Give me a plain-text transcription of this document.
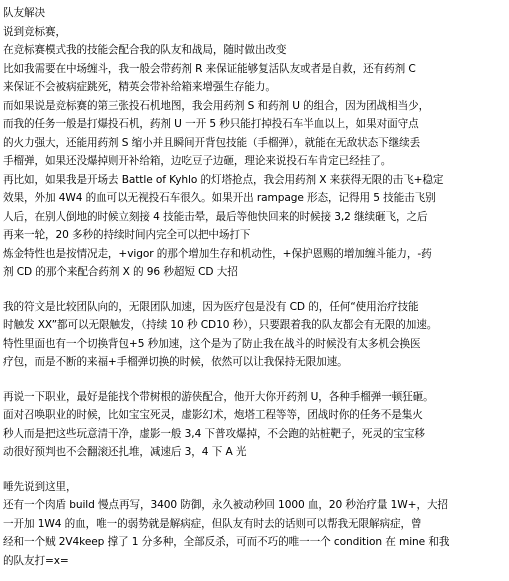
队友解决
说到竞标赛，
在竞标赛模式我的技能会配合我的队友和战局，随时做出改变
比如我需要在中场缠斗，我一般会带药剂 R 来保证能够复活队友或者是自救，还有药剂 C
来保证不会被病症跳死，精英会带补给箱来增强生存能力。
而如果说是竞标赛的第三张投石机地图，我会用药剂 S 和药剂 U 的组合，因为团战相当少，
而我的任务一般是打爆投石机，药剂 U 一开 5 秒只能打掉投石车半血以上，如果对面守点
的火力强大，还能用药剂 S 缩小并且瞬间开背包技能（手榴弹），就能在无敌状态下继续丢
手榴弹，如果还没爆掉则开补给箱，边吃豆子边砸，理论来说投石车肯定已经挂了。
再比如，如果我是开场去 Battle of Kyhlo 的灯塔抢点，我会用药剂 X 来获得无限的击飞+稳定
效果，外加 4W4 的血可以无视投石车很久。如果开出 rampage 形态，记得用 5 技能击飞别
人后，在别人倒地的时候立刻接 4 技能击晕，最后等他快回来的时候接 3,2 继续砸飞，之后
再来一轮，20 多秒的持续时间内完全可以把中场打下
炼金特性也是按情况走，+vigor 的那个增加生存和机动性，+保护恩赐的增加缠斗能力，-药
剂 CD 的那个来配合药剂 X 的 96 秒超短 CD 大招
我的符文是比较团队向的，无限团队加速，因为医疗包是没有 CD 的，任何“使用治疗技能
时触发 XX”都可以无限触发，（持续 10 秒 CD10 秒），只要跟着我的队友都会有无限的加速。
特性里面也有一个切换背包+5 秒加速，这个是为了防止我在战斗的时候没有太多机会换医
疗包，而是不断的来福+手榴弹切换的时候，依然可以让我保持无限加速。
再说一下职业，最好是能找个带树根的游侠配合，他开大你开药剂 U，各种手榴弹一顿狂砸。
面对召唤职业的时候，比如宝宝死灵，虚影幻术，炮塔工程等等，团战时你的任务不是集火
秒人而是把这些玩意清干净，虚影一般 3,4 下普攻爆掉，不会跑的站桩靶子，死灵的宝宝移
动很好预判也不会翻滚还扎堆，减速后 3，4 下 A 光
唾先说到这里，
还有一个肉盾 build 慢点再写，3400 防御，永久被动秒回 1000 血，20 秒治疗量 1W+，大招
一开加 1W4 的血，唯一的弱势就是解病症，但队友有时去的话则可以帮我无限解病症，曾
经和一个贼 2V4keep 撑了 1 分多种，全部反杀，可而不巧的唯一一个 condition 在 mine 和我
的队友打=x=
